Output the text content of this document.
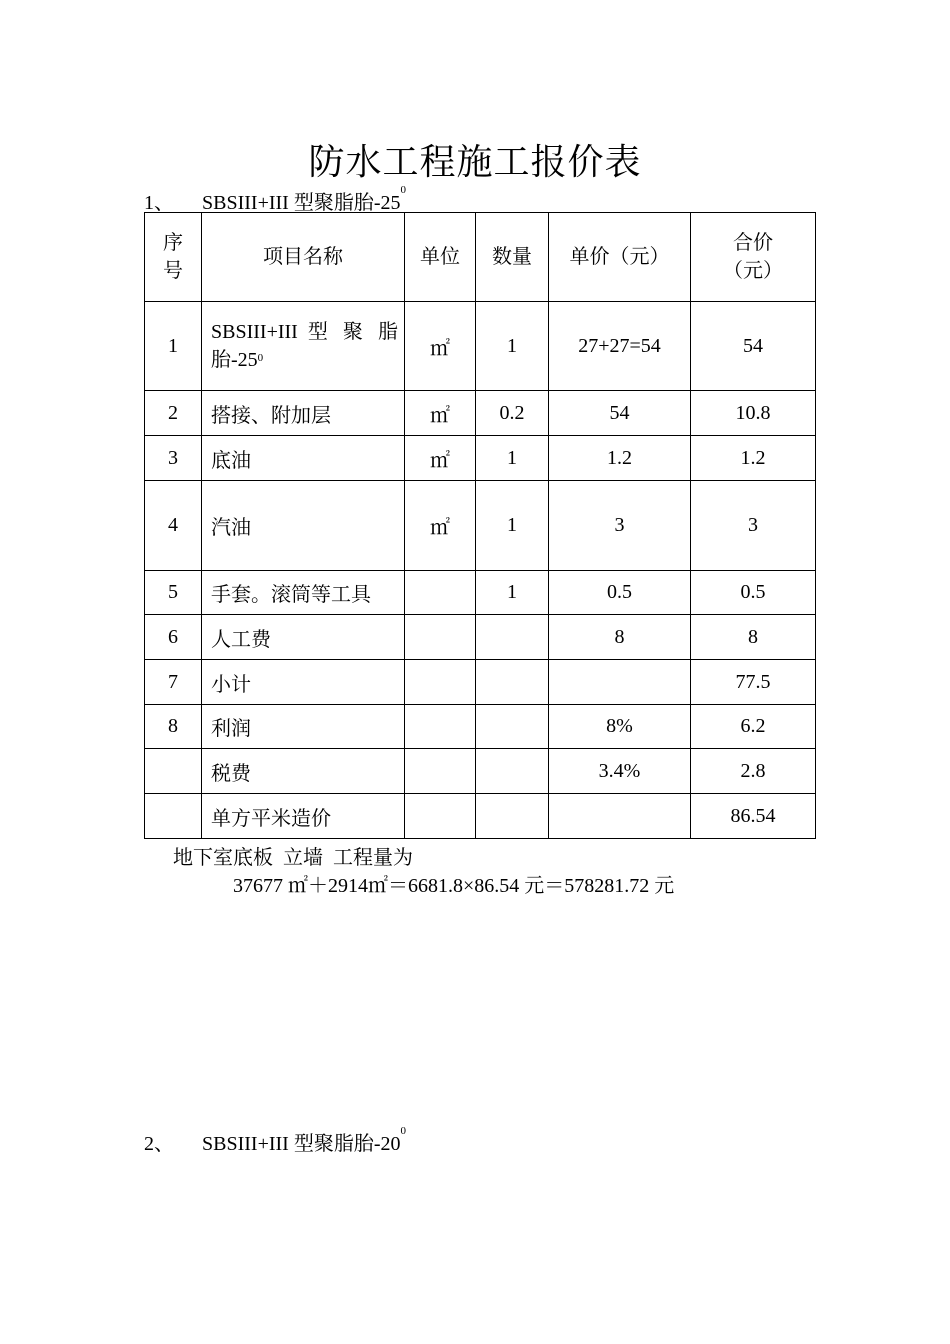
防水工程施工报价表
1、 SBSIII+III 型聚脂胎$-25^0$
序
号	项目名称	单位	数量	单价（元）	合价
（元）
1	SBSIII+III 型 聚 脂 胎$-25^0$	㎡	1	27+27=54	54
2	搭接、附加层	㎡	0.2	54	10.8
3	底油	㎡	1	1.2	1.2
4	汽油	㎡	1	3	3
5	手套。滚筒等工具		1	0.5	0.5
6	人工费			8	8
7	小计				77.5
8	利润			8%	6.2
	税费			3.4%	2.8
	单方平米造价				86.54
地下室底板  立墙  工程量为
37677 ㎡＋2914㎡＝6681.8×86.54 元＝578281.72 元
2、 SBSIII+III 型聚脂胎$-20^0$
